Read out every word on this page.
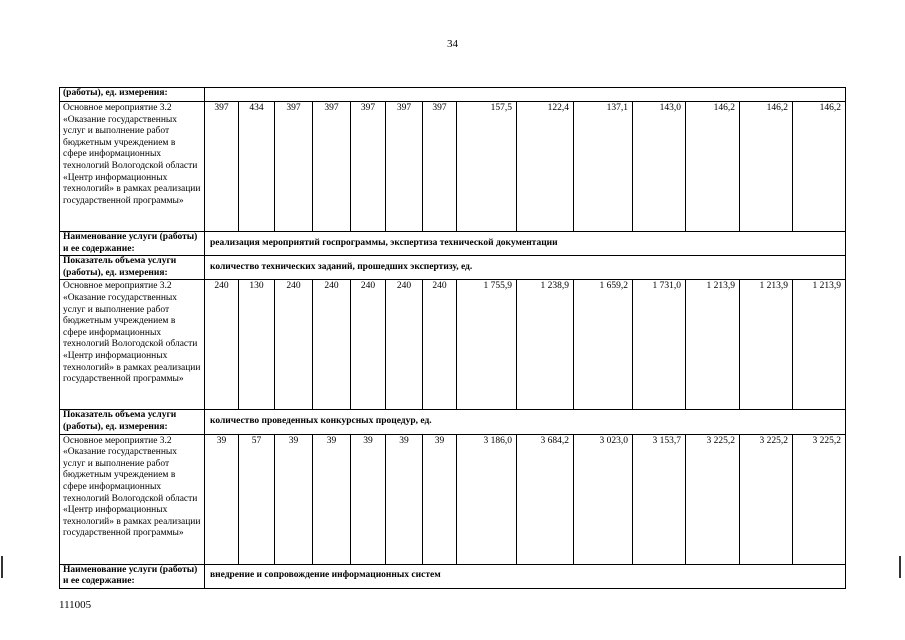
34
(работы), ед. измерения:														
Основное мероприятие 3.2 «Оказание государственных услуг и выполнение работ бюджетным учреждением в сфере информационных технологий Вологодской области «Центр информационных технологий» в рамках реализации государственной программы»	397	434	397	397	397	397	397	157,5	122,4	137,1	143,0	146,2	146,2	146,2
Наименование услуги (работы) и ее содержание:	реализация мероприятий госпрограммы, экспертиза технической документации													
Показатель объема услуги (работы), ед. измерения:	количество технических заданий, прошедших экспертизу, ед.													
Основное мероприятие 3.2 «Оказание государственных услуг и выполнение работ бюджетным учреждением в сфере информационных технологий Вологодской области «Центр информационных технологий» в рамках реализации государственной программы»	240	130	240	240	240	240	240	1 755,9	1 238,9	1 659,2	1 731,0	1 213,9	1 213,9	1 213,9
Показатель объема услуги (работы), ед. измерения:	количество проведенных конкурсных процедур, ед.													
Основное мероприятие 3.2 «Оказание государственных услуг и выполнение работ бюджетным учреждением в сфере информационных технологий Вологодской области «Центр информационных технологий» в рамках реализации государственной программы»	39	57	39	39	39	39	39	3 186,0	3 684,2	3 023,0	3 153,7	3 225,2	3 225,2	3 225,2
Наименование услуги (работы) и ее содержание:	внедрение и сопровождение информационных систем													
111005
